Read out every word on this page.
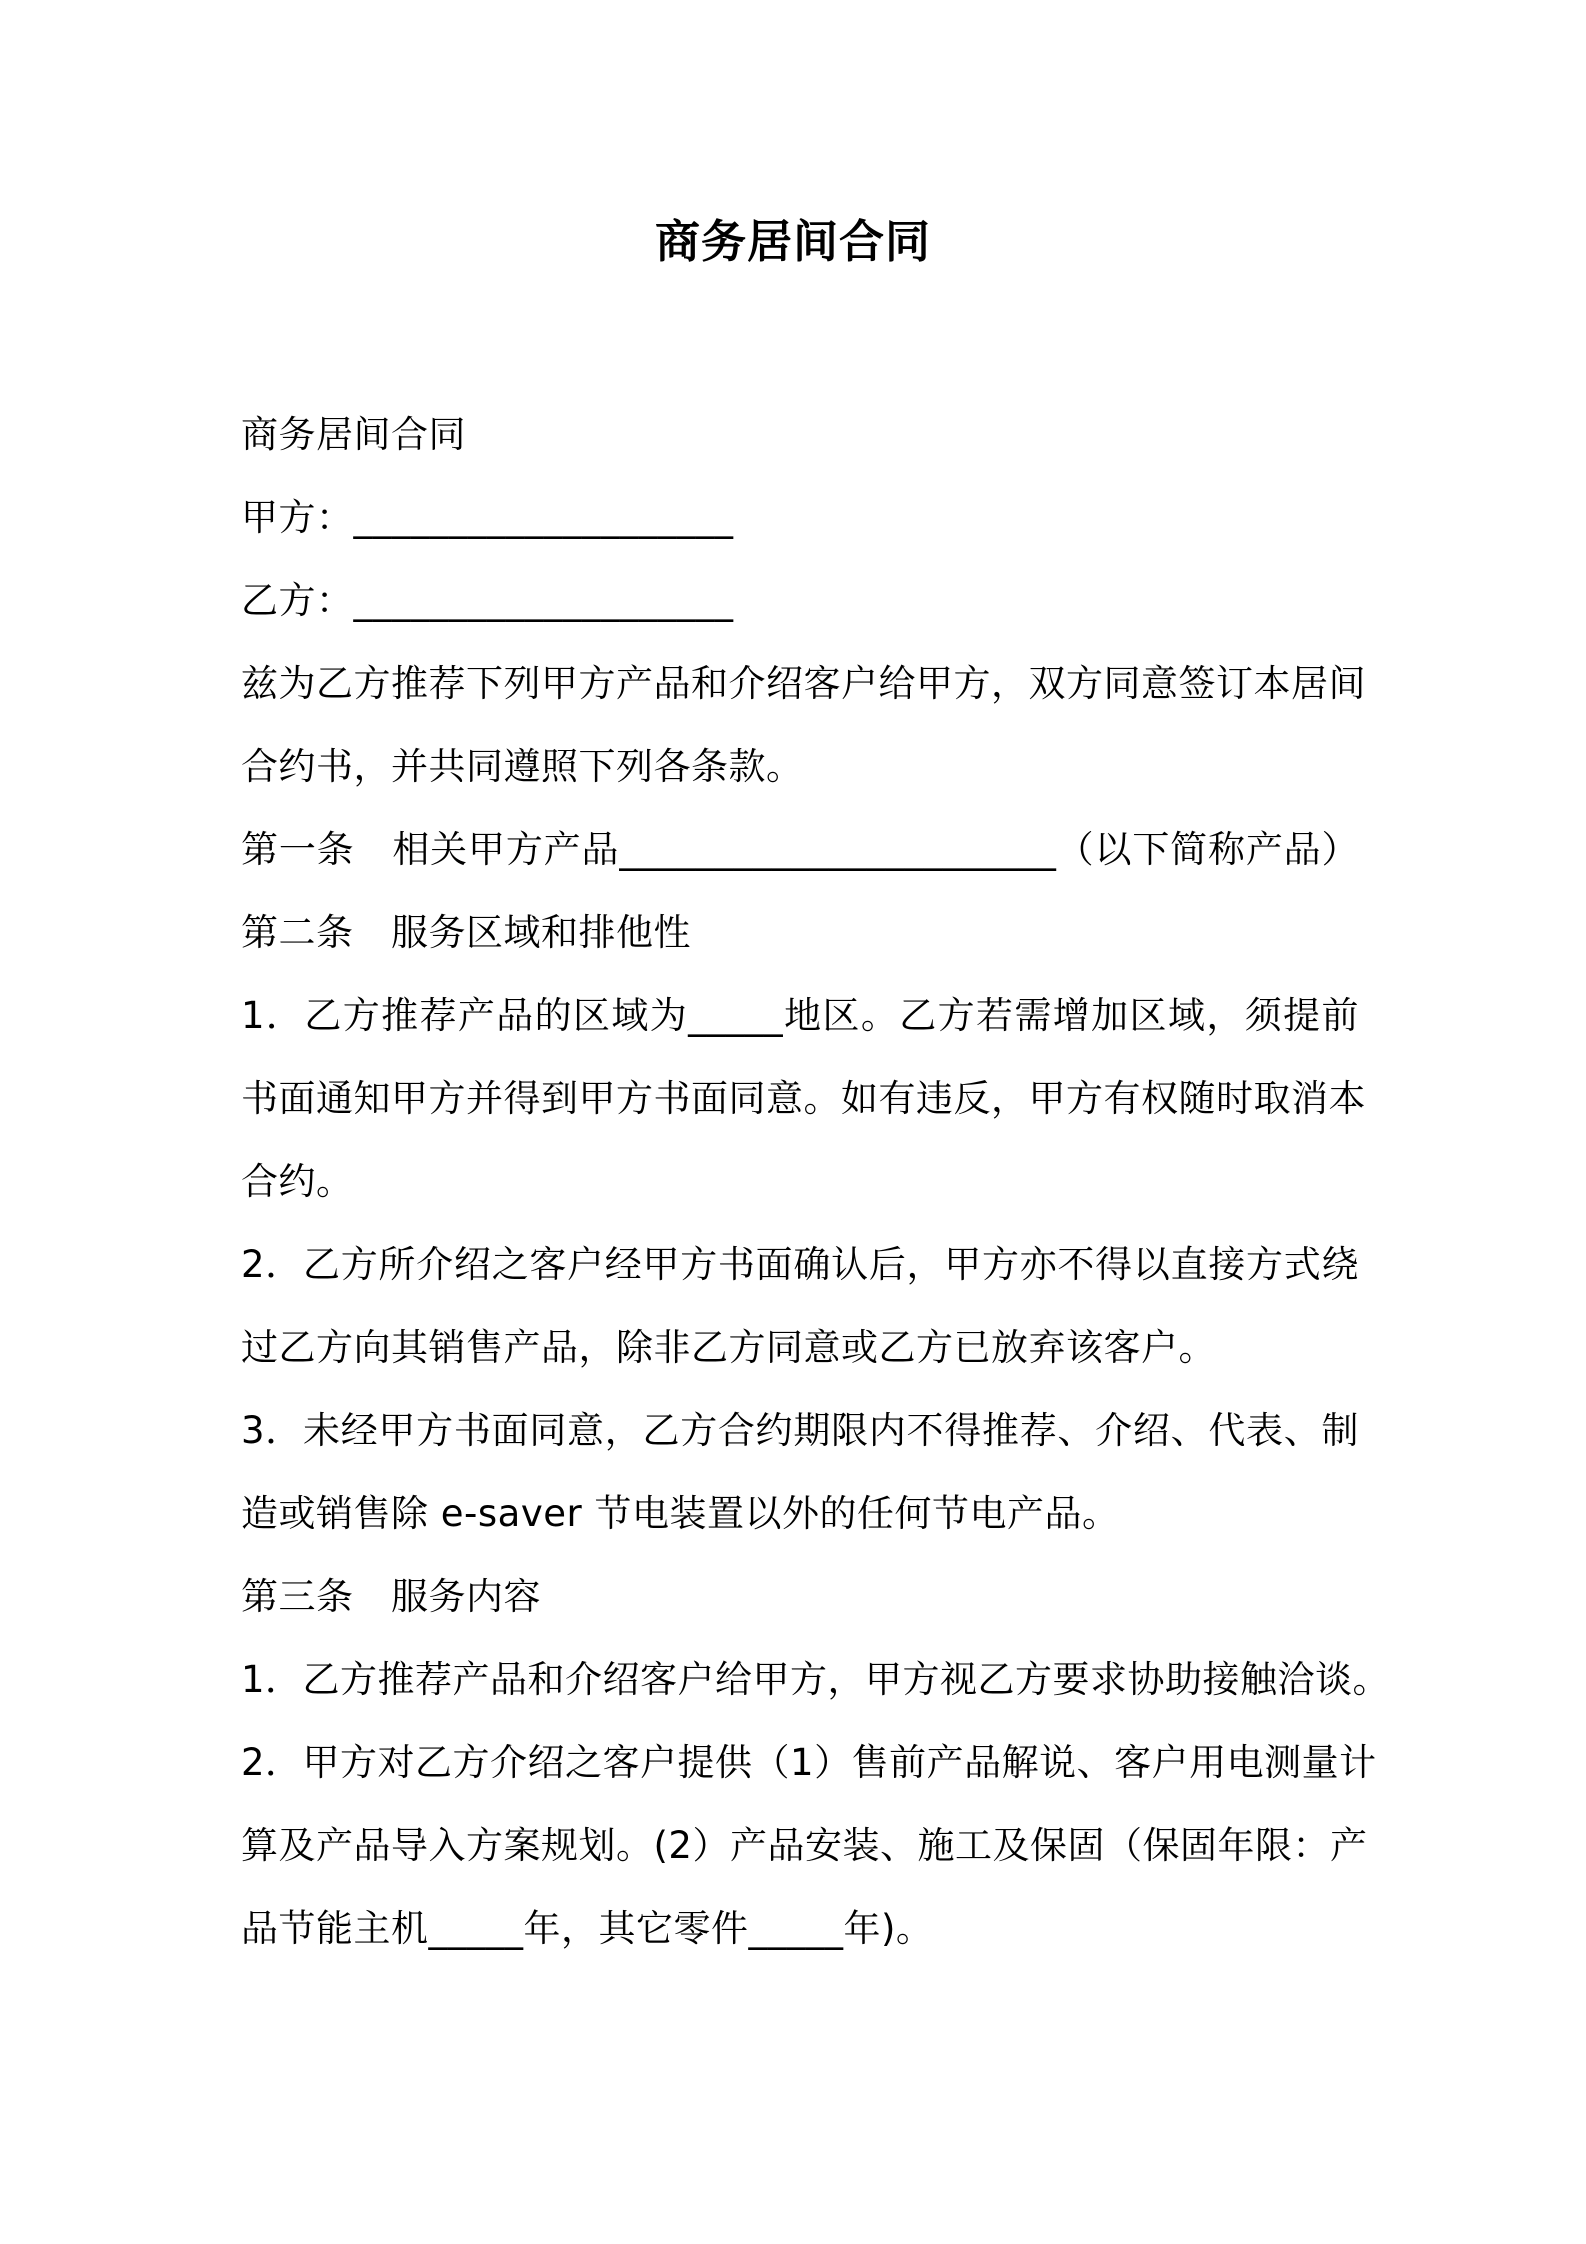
商务居间合同
商务居间合同
甲方：____________________
乙方：____________________
兹为乙方推荐下列甲方产品和介绍客户给甲方，双方同意签订本居间
合约书，并共同遵照下列各条款。
第一条　相关甲方产品_______________________（以下简称产品）
第二条　服务区域和排他性
1．乙方推荐产品的区域为_____地区。乙方若需增加区域，须提前
书面通知甲方并得到甲方书面同意。如有违反，甲方有权随时取消本
合约。
2．乙方所介绍之客户经甲方书面确认后，甲方亦不得以直接方式绕
过乙方向其销售产品，除非乙方同意或乙方已放弃该客户。
3．未经甲方书面同意，乙方合约期限内不得推荐、介绍、代表、制
造或销售除 e-saver 节电装置以外的任何节电产品。
第三条　服务内容
1．乙方推荐产品和介绍客户给甲方，甲方视乙方要求协助接触洽谈。
2．甲方对乙方介绍之客户提供（1）售前产品解说、客户用电测量计
算及产品导入方案规划。(2）产品安装、施工及保固（保固年限：产
品节能主机_____年，其它零件_____年)。
